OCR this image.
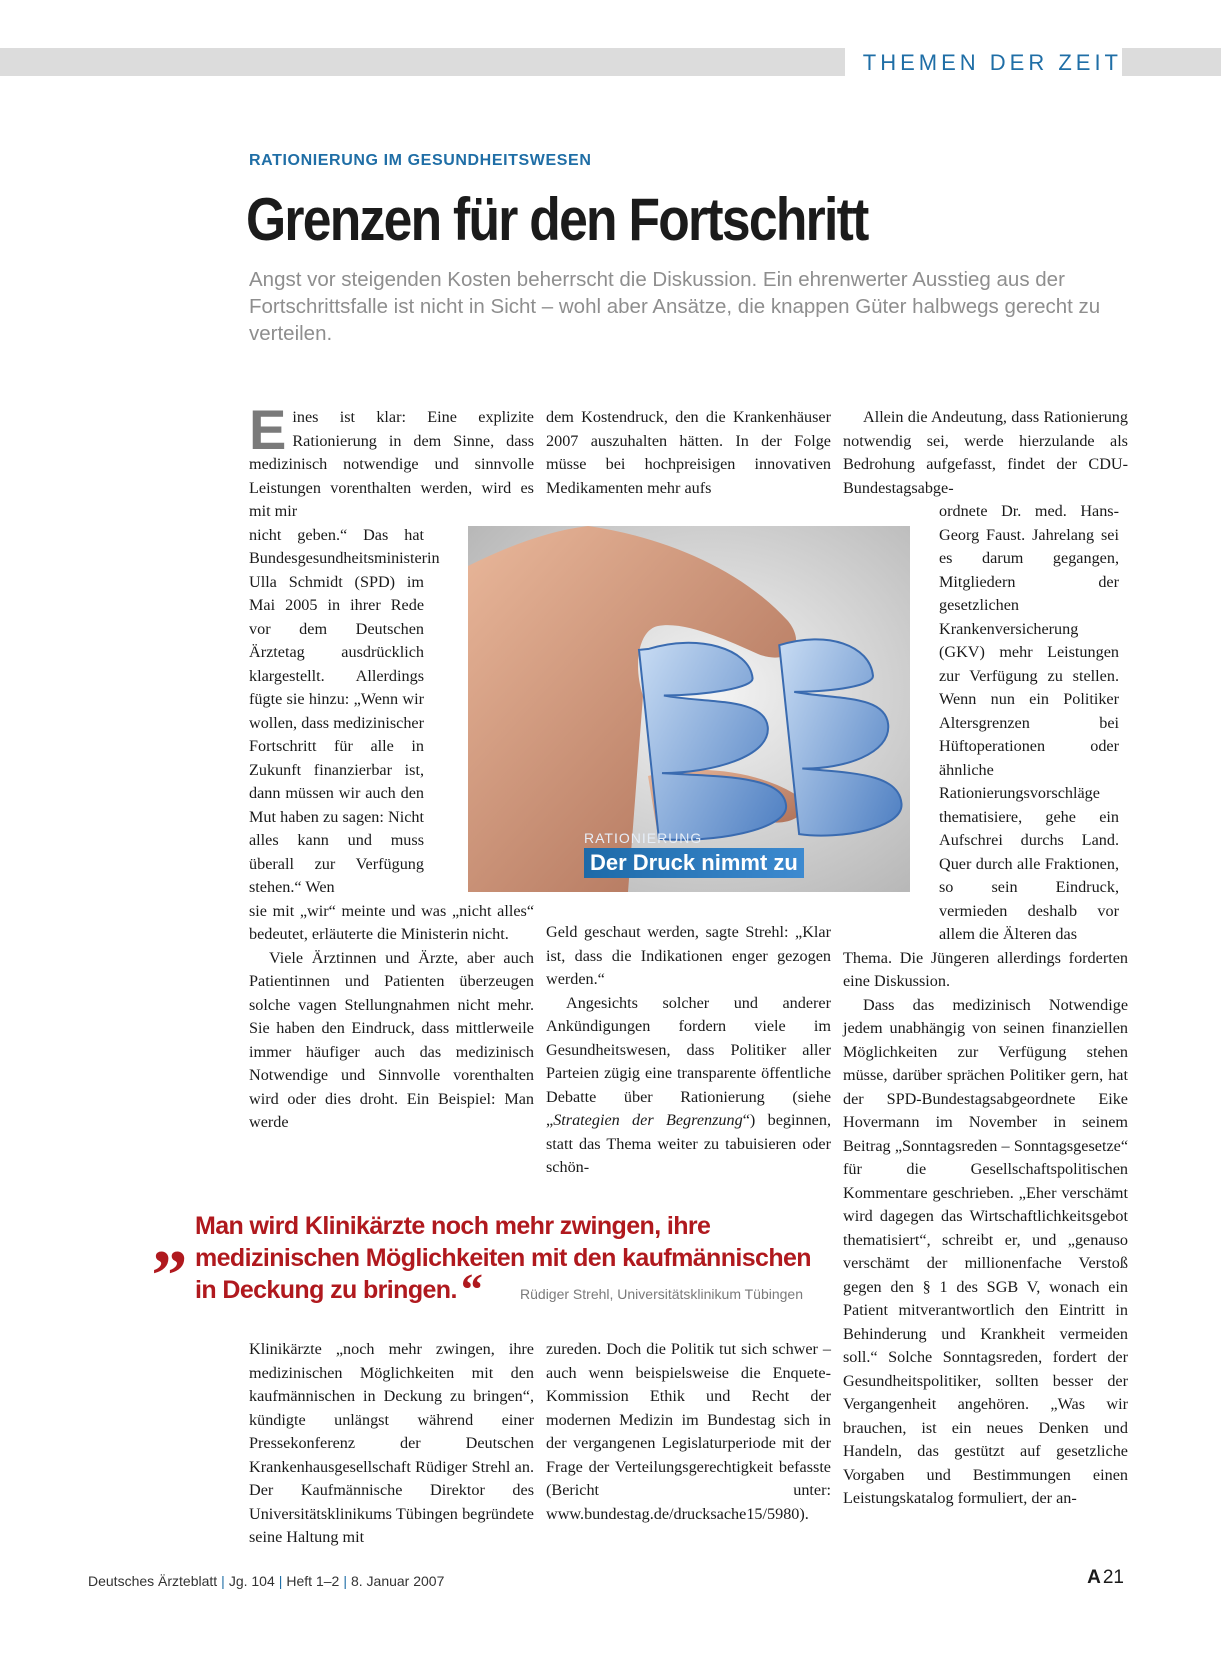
THEMEN DER ZEIT
RATIONIERUNG IM GESUNDHEITSWESEN
Grenzen für den Fortschritt

Angst vor steigenden Kosten beherrscht die Diskussion. Ein ehrenwerter Ausstieg aus der Fortschrittsfalle ist nicht in Sicht – wohl aber Ansätze, die knappen Güter halbwegs gerecht zu verteilen.

Eines ist klar: Eine explizite Rationierung in dem Sinne, dass medizinisch notwendige und sinnvolle Leistungen vorenthalten werden, wird es mit mir

nicht geben.“ Das hat Bundesgesundheitsministerin Ulla Schmidt (SPD) im Mai 2005 in ihrer Rede vor dem Deutschen Ärztetag ausdrücklich klargestellt. Allerdings fügte sie hinzu: „Wenn wir wollen, dass medizinischer Fortschritt für alle in Zukunft finanzierbar ist, dann müssen wir auch den Mut haben zu sagen: Nicht alles kann und muss überall zur Verfügung stehen.“ Wen

sie mit „wir“ meinte und was „nicht alles“ bedeutet, erläuterte die Ministerin nicht.

Viele Ärztinnen und Ärzte, aber auch Patientinnen und Patienten überzeugen solche vagen Stellungnahmen nicht mehr. Sie haben den Eindruck, dass mittlerweile immer häufiger auch das medizinisch Notwendige und Sinnvolle vorenthalten wird oder dies droht. Ein Beispiel: Man werde

dem Kostendruck, den die Krankenhäuser 2007 auszuhalten hätten. In der Folge müsse bei hochpreisigen innovativen Medikamenten mehr aufs

Geld geschaut werden, sagte Strehl: „Klar ist, dass die Indikationen enger gezogen werden.“

Angesichts solcher und anderer Ankündigungen fordern viele im Gesundheitswesen, dass Politiker aller Parteien zügig eine transparente öffentliche Debatte über Rationierung (siehe „Strategien der Begrenzung“) beginnen, statt das Thema weiter zu tabuisieren oder schön-

Allein die Andeutung, dass Rationierung notwendig sei, werde hierzulande als Bedrohung aufgefasst, findet der CDU-Bundestagsabge-

ordnete Dr. med. Hans-Georg Faust. Jahrelang sei es darum gegangen, Mitgliedern der gesetzlichen Krankenversicherung (GKV) mehr Leistungen zur Verfügung zu stellen. Wenn nun ein Politiker Altersgrenzen bei Hüftoperationen oder ähnliche Rationierungsvorschläge thematisiere, gehe ein Aufschrei durchs Land. Quer durch alle Fraktionen, so sein Eindruck, vermieden deshalb vor allem die Älteren das

Thema. Die Jüngeren allerdings forderten eine Diskussion.

Dass das medizinisch Notwendige jedem unabhängig von seinen finanziellen Möglichkeiten zur Verfügung stehen müsse, darüber sprächen Politiker gern, hat der SPD-Bundestagsabgeordnete Eike Hovermann im November in seinem Beitrag „Sonntagsreden – Sonntagsgesetze“ für die Gesellschaftspolitischen Kommentare geschrieben. „Eher verschämt wird dagegen das Wirtschaftlichkeitsgebot thematisiert“, schreibt er, und „genauso verschämt der millionenfache Verstoß gegen den § 1 des SGB V, wonach ein Patient mitverantwortlich den Eintritt in Behinderung und Krankheit vermeiden soll.“ Solche Sonntagsreden, fordert der Gesundheitspolitiker, sollten besser der Vergangenheit angehören. „Was wir brauchen, ist ein neues Denken und Handeln, das gestützt auf gesetzliche Vorgaben und Bestimmungen einen Leistungskatalog formuliert, der an-

RATIONIERUNG
Der Druck nimmt zu
„ Man wird Klinikärzte noch mehr zwingen, ihre medizinischen Möglichkeiten mit den kaufmännischen in Deckung zu bringen.“	Rüdiger Strehl, Universitätsklinikum Tübingen

Klinikärzte „noch mehr zwingen, ihre medizinischen Möglichkeiten mit den kaufmännischen in Deckung zu bringen“, kündigte unlängst während einer Pressekonferenz der Deutschen Krankenhausgesellschaft Rüdiger Strehl an. Der Kaufmännische Direktor des Universitätsklinikums Tübingen begründete seine Haltung mit

zureden. Doch die Politik tut sich schwer – auch wenn beispielsweise die Enquete-Kommission Ethik und Recht der modernen Medizin im Bundestag sich in der vergangenen Legislaturperiode mit der Frage der Verteilungsgerechtigkeit befasste (Bericht unter: www.bundestag.de/drucksache15/5980).

Deutsches Ärzteblatt | Jg. 104 | Heft 1–2 | 8. Januar 2007	A 21
